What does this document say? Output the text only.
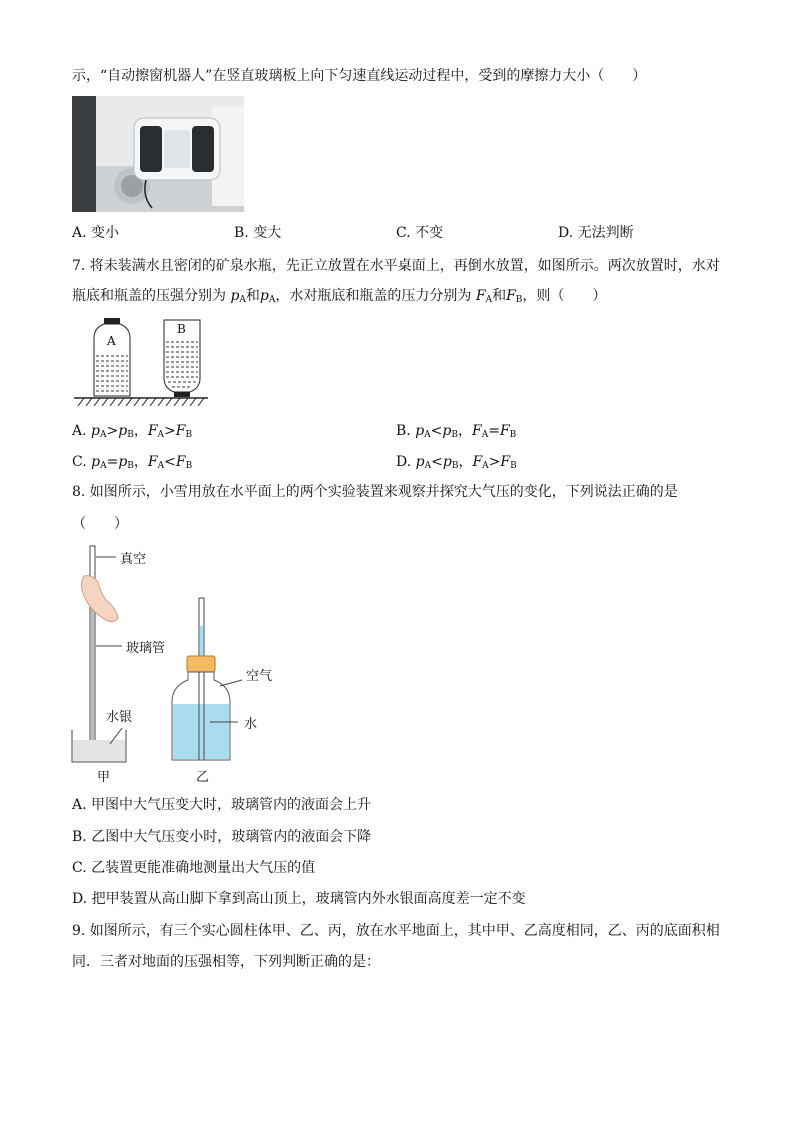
示，“自动擦窗机器人”在竖直玻璃板上向下匀速直线运动过程中，受到的摩擦力大小（　　）
A. 变小	B. 变大	C. 不变	D. 无法判断
7. 将未装满水且密闭的矿泉水瓶，先正立放置在水平桌面上，再倒水放置，如图所示。两次放置时，水对
瓶底和瓶盖的压强分别为 $p_A$和$p_A$，水对瓶底和瓶盖的压力分别为 $F_A$和$F_B$，则（　　）
A
B
A. $p_A>p_B$，$F_A>F_B$	B. $p_A<p_B$，$F_A=F_B$
C. $p_A=p_B$，$F_A<F_B$	D. $p_A<p_B$，$F_A>F_B$
8. 如图所示，小雪用放在水平面上的两个实验装置来观察并探究大气压的变化，下列说法正确的是
（　　）
真空
玻璃管
水银
空气
水
甲	乙
A. 甲图中大气压变大时，玻璃管内的液面会上升
B. 乙图中大气压变小时，玻璃管内的液面会下降
C. 乙装置更能准确地测量出大气压的值
D. 把甲装置从高山脚下拿到高山顶上，玻璃管内外水银面高度差一定不变
9. 如图所示，有三个实心圆柱体甲、乙、丙，放在水平地面上，其中甲、乙高度相同，乙、丙的底面积相
同．三者对地面的压强相等，下列判断正确的是：
